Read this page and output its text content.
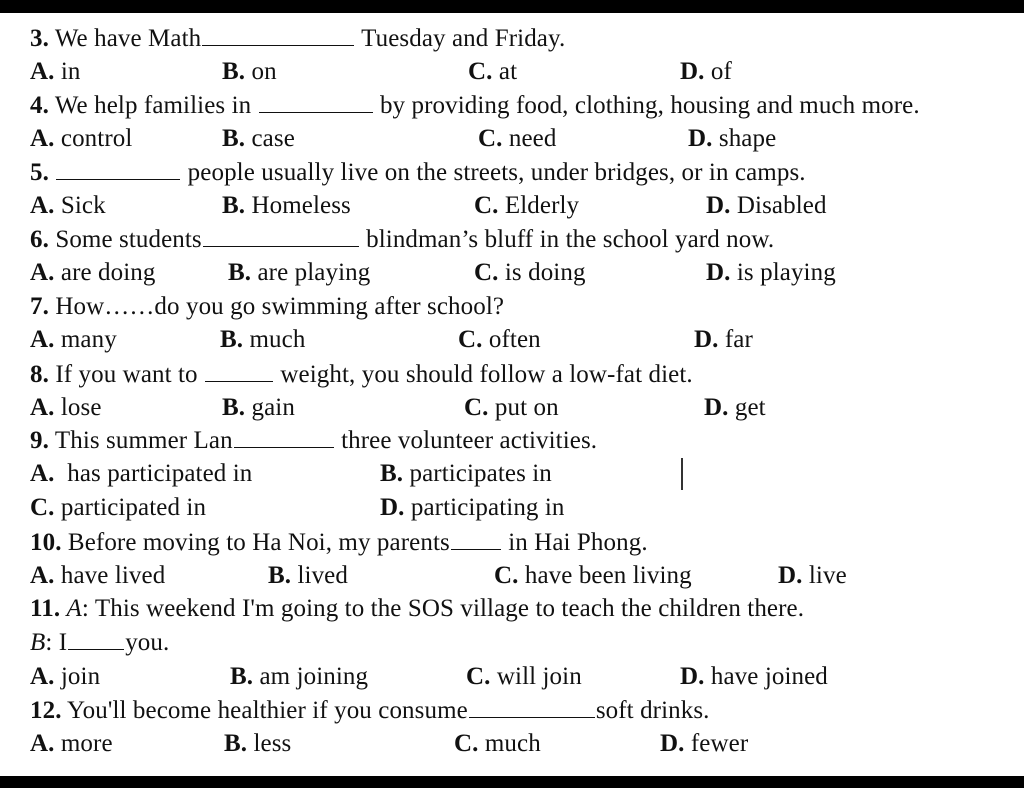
3. We have Math	Tuesday and Friday.
A. in	B. on	C. at	D. of
4. We help families in	by providing food, clothing, housing and much more.
A. control	B. case	C. need	D. shape
5.	people usually live on the streets, under bridges, or in camps.
A. Sick	B. Homeless	C. Elderly	D. Disabled
6. Some students	blindman’s bluff in the school yard now.
A. are doing	B. are playing	C. is doing	D. is playing
7. How……do you go swimming after school?
A. many	B. much	C. often	D. far
8. If you want to	weight, you should follow a low-fat diet.
A. lose	B. gain	C. put on	D. get
9. This summer Lan	three volunteer activities.
A. has participated in	B. participates in
C. participated in	D. participating in
10. Before moving to Ha Noi, my parents in Hai Phong.
A. have lived	B. lived	C. have been living	D. live
11. A: This weekend I'm going to the SOS village to teach the children there.
B: I you.
A. join	B. am joining	C. will join	D. have joined
12. You'll become healthier if you consume	soft drinks.
A. more	B. less	C. much	D. fewer
